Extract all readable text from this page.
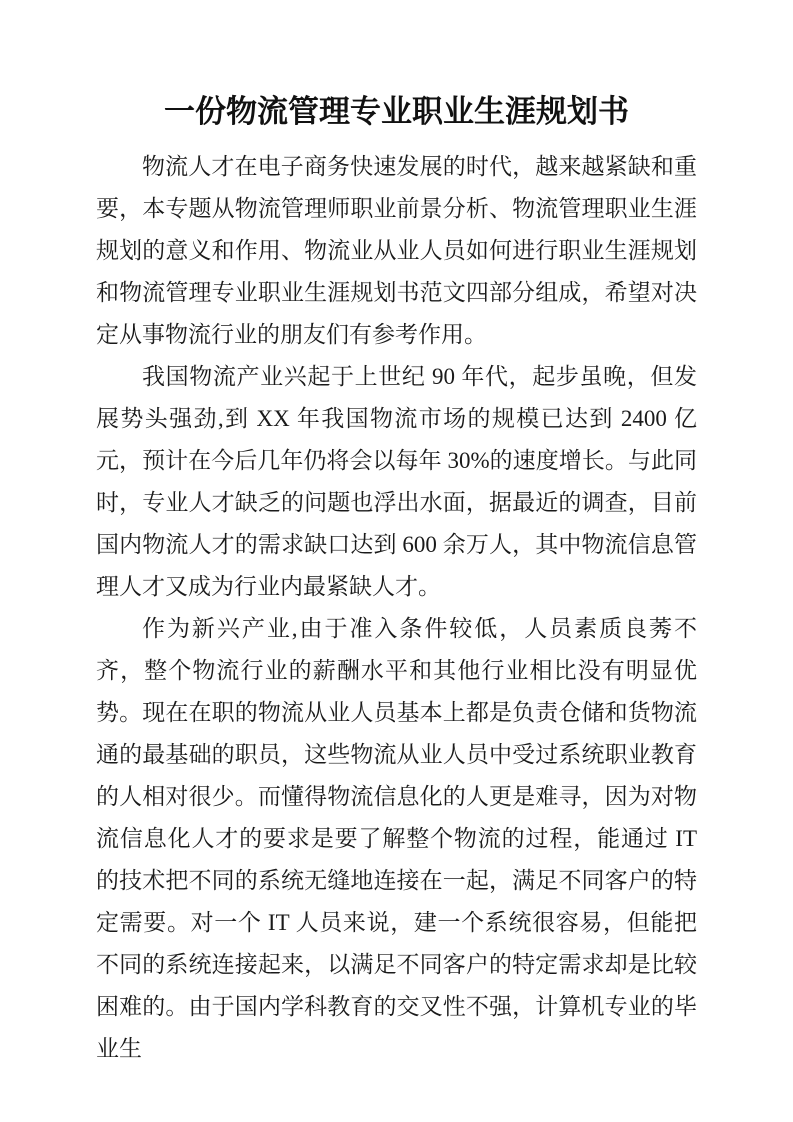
一份物流管理专业职业生涯规划书

物流人才在电子商务快速发展的时代，越来越紧缺和重要，本专题从物流管理师职业前景分析、物流管理职业生涯规划的意义和作用、物流业从业人员如何进行职业生涯规划和物流管理专业职业生涯规划书范文四部分组成，希望对决定从事物流行业的朋友们有参考作用。

我国物流产业兴起于上世纪 90 年代，起步虽晚，但发展势头强劲,到 XX 年我国物流市场的规模已达到 2400 亿元，预计在今后几年仍将会以每年 30%的速度增长。与此同时，专业人才缺乏的问题也浮出水面，据最近的调查，目前国内物流人才的需求缺口达到 600 余万人，其中物流信息管理人才又成为行业内最紧缺人才。

作为新兴产业,由于准入条件较低，人员素质良莠不齐，整个物流行业的薪酬水平和其他行业相比没有明显优势。现在在职的物流从业人员基本上都是负责仓储和货物流通的最基础的职员，这些物流从业人员中受过系统职业教育的人相对很少。而懂得物流信息化的人更是难寻，因为对物流信息化人才的要求是要了解整个物流的过程，能通过 IT 的技术把不同的系统无缝地连接在一起，满足不同客户的特定需要。对一个 IT 人员来说，建一个系统很容易，但能把不同的系统连接起来，以满足不同客户的特定需求却是比较困难的。由于国内学科教育的交叉性不强，计算机专业的毕业生
